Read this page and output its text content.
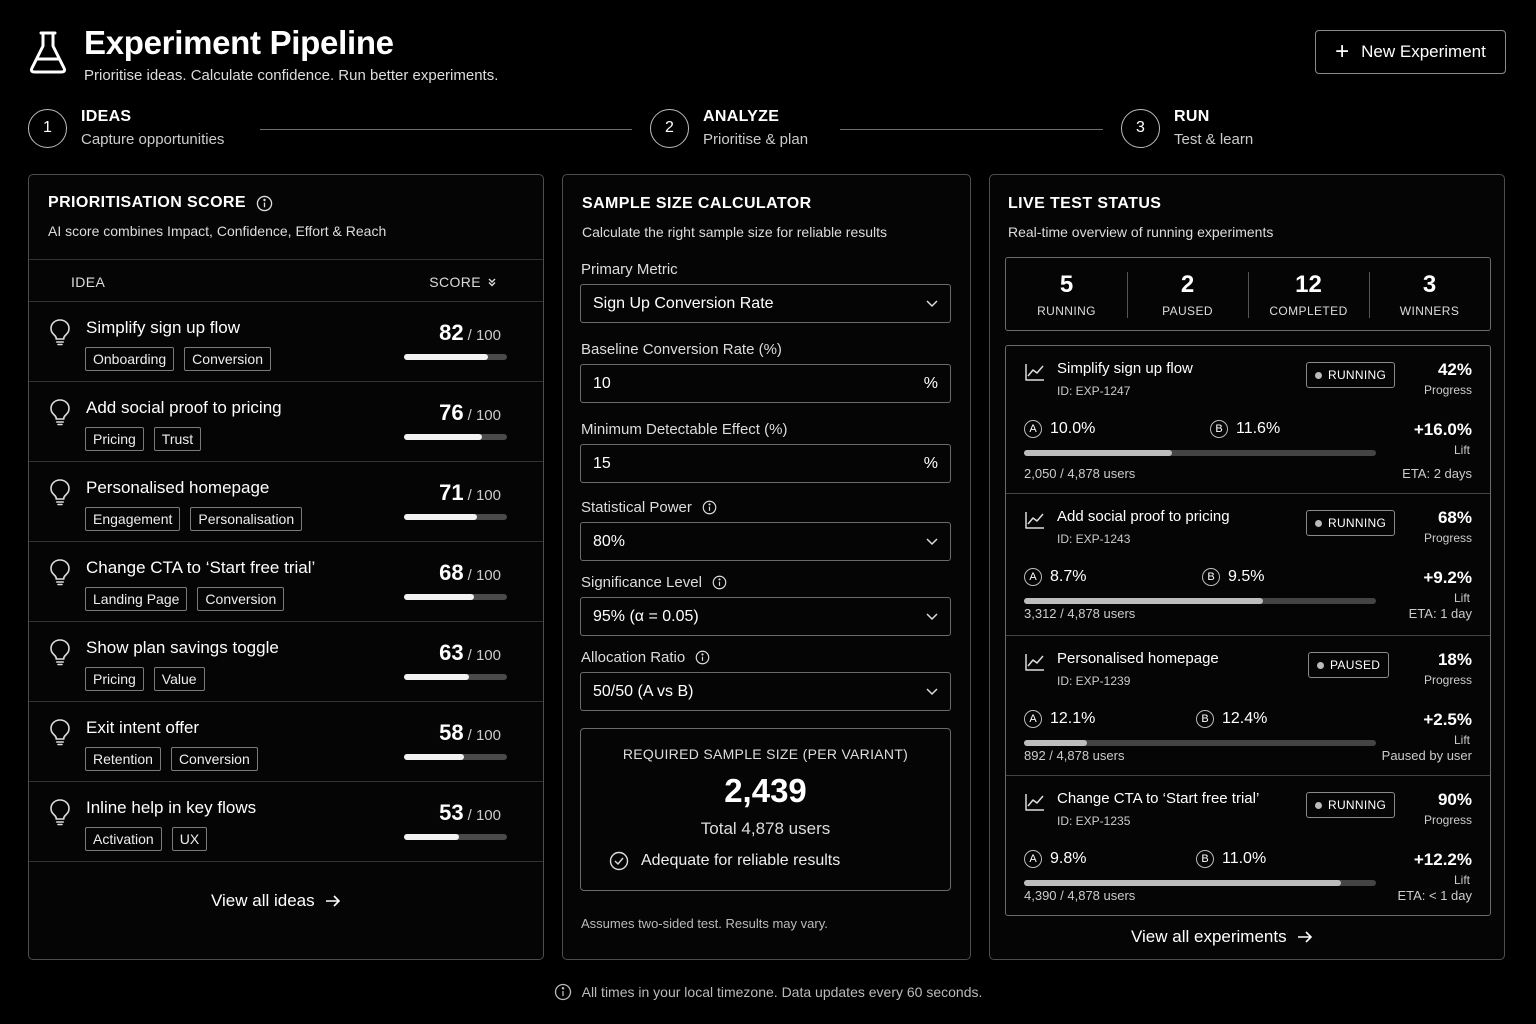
Experiment Pipeline
Prioritise ideas. Calculate confidence. Run better experiments.
+ New Experiment
1
IDEAS
Capture opportunities
2
ANALYZE
Prioritise & plan
3
RUN
Test & learn
PRIORITISATION SCORE
AI score combines Impact, Confidence, Effort & Reach
IDEA	SCORE
Simplify sign up flow
Onboarding	Conversion
82 / 100
Add social proof to pricing
Pricing	Trust
76 / 100
Personalised homepage
Engagement	Personalisation
71 / 100
Change CTA to ‘Start free trial’
Landing Page	Conversion
68 / 100
Show plan savings toggle
Pricing	Value
63 / 100
Exit intent offer
Retention	Conversion
58 / 100
Inline help in key flows
Activation	UX
53 / 100
View all ideas
SAMPLE SIZE CALCULATOR
Calculate the right sample size for reliable results
Primary Metric
Sign Up Conversion Rate
Baseline Conversion Rate (%)
10	%
Minimum Detectable Effect (%)
15	%
Statistical Power
80%
Significance Level
95% (α = 0.05)
Allocation Ratio
50/50 (A vs B)
REQUIRED SAMPLE SIZE (PER VARIANT)
2,439
Total 4,878 users
Adequate for reliable results
Assumes two-sided test. Results may vary.
LIVE TEST STATUS
Real-time overview of running experiments
5
RUNNING
2
PAUSED
12
COMPLETED
3
WINNERS
Simplify sign up flow
ID: EXP-1247
RUNNING	42%
Progress
A 10.0%	B 11.6%	+16.0%
Lift
2,050 / 4,878 users	ETA: 2 days
Add social proof to pricing
ID: EXP-1243
RUNNING	68%
Progress
A 8.7%	B 9.5%	+9.2%
Lift
3,312 / 4,878 users	ETA: 1 day
Personalised homepage
ID: EXP-1239
PAUSED	18%
Progress
A 12.1%	B 12.4%	+2.5%
Lift
892 / 4,878 users	Paused by user
Change CTA to ‘Start free trial’
ID: EXP-1235
RUNNING	90%
Progress
A 9.8%	B 11.0%	+12.2%
Lift
4,390 / 4,878 users	ETA: < 1 day
View all experiments
All times in your local timezone. Data updates every 60 seconds.
